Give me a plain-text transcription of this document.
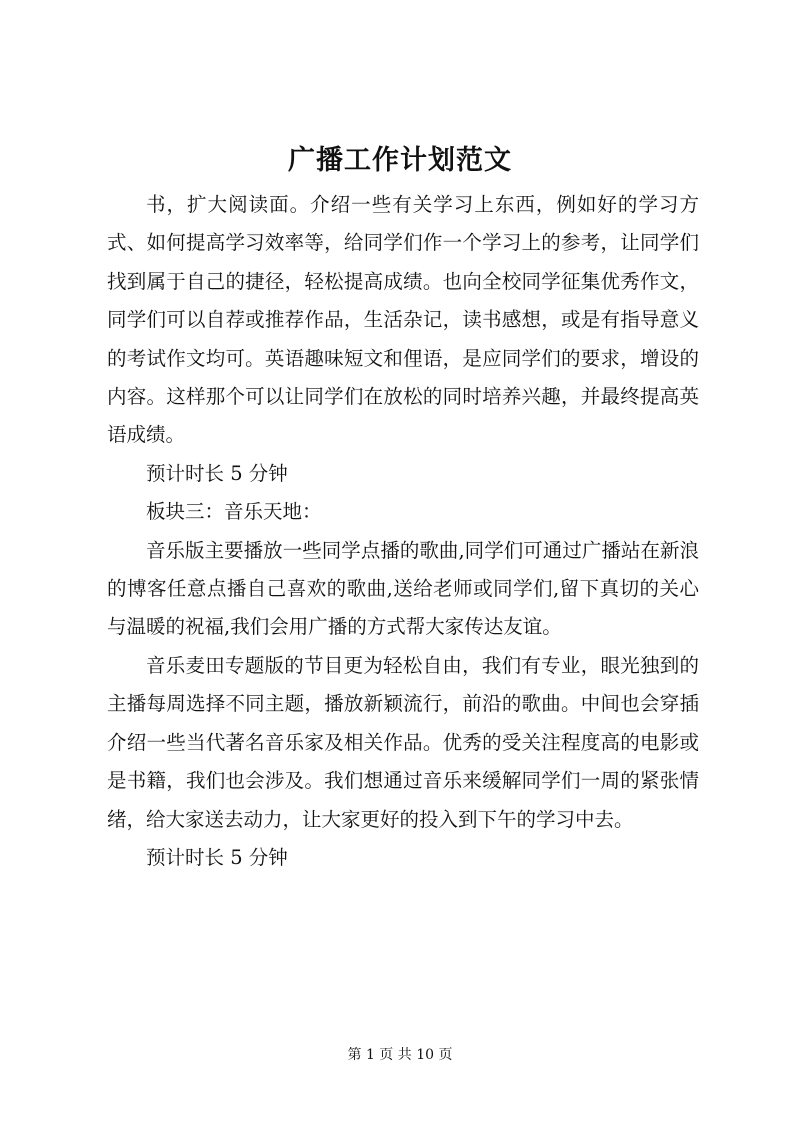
广播工作计划范文

书，扩大阅读面。介绍一些有关学习上东西，例如好的学习方式、如何提高学习效率等，给同学们作一个学习上的参考，让同学们找到属于自己的捷径，轻松提高成绩。也向全校同学征集优秀作文，同学们可以自荐或推荐作品，生活杂记，读书感想，或是有指导意义的考试作文均可。英语趣味短文和俚语，是应同学们的要求，增设的内容。这样那个可以让同学们在放松的同时培养兴趣，并最终提高英语成绩。

预计时长 5 分钟

板块三：音乐天地：

音乐版主要播放一些同学点播的歌曲,同学们可通过广播站在新浪的博客任意点播自己喜欢的歌曲,送给老师或同学们,留下真切的关心与温暖的祝福,我们会用广播的方式帮大家传达友谊。

音乐麦田专题版的节目更为轻松自由，我们有专业，眼光独到的主播每周选择不同主题，播放新颖流行，前沿的歌曲。中间也会穿插介绍一些当代著名音乐家及相关作品。优秀的受关注程度高的电影或是书籍，我们也会涉及。我们想通过音乐来缓解同学们一周的紧张情绪，给大家送去动力，让大家更好的投入到下午的学习中去。

预计时长 5 分钟

第 1 页 共 10 页
